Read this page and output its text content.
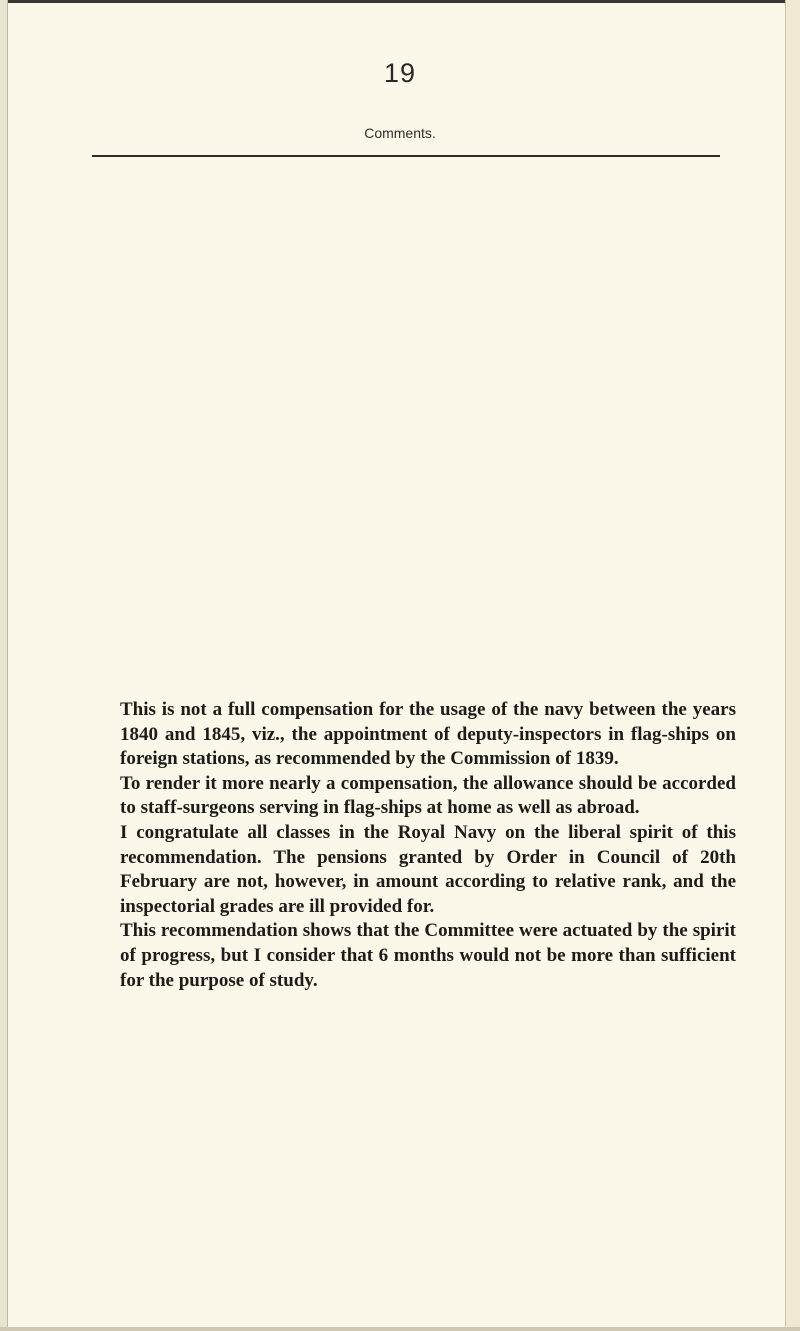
19
Comments.

This is not a full compensation for the usage of the navy between the years 1840 and 1845, viz., the appointment of deputy-inspectors in flag-ships on foreign stations, as recommended by the Commission of 1839.

To render it more nearly a compensation, the allowance should be accorded to staff-surgeons serving in flag-ships at home as well as abroad.

I congratulate all classes in the Royal Navy on the liberal spirit of this recommendation. The pensions granted by Order in Council of 20th February are not, however, in amount according to relative rank, and the inspectorial grades are ill provided for.

This recommendation shows that the Committee were actuated by the spirit of progress, but I consider that 6 months would not be more than sufficient for the purpose of study.
